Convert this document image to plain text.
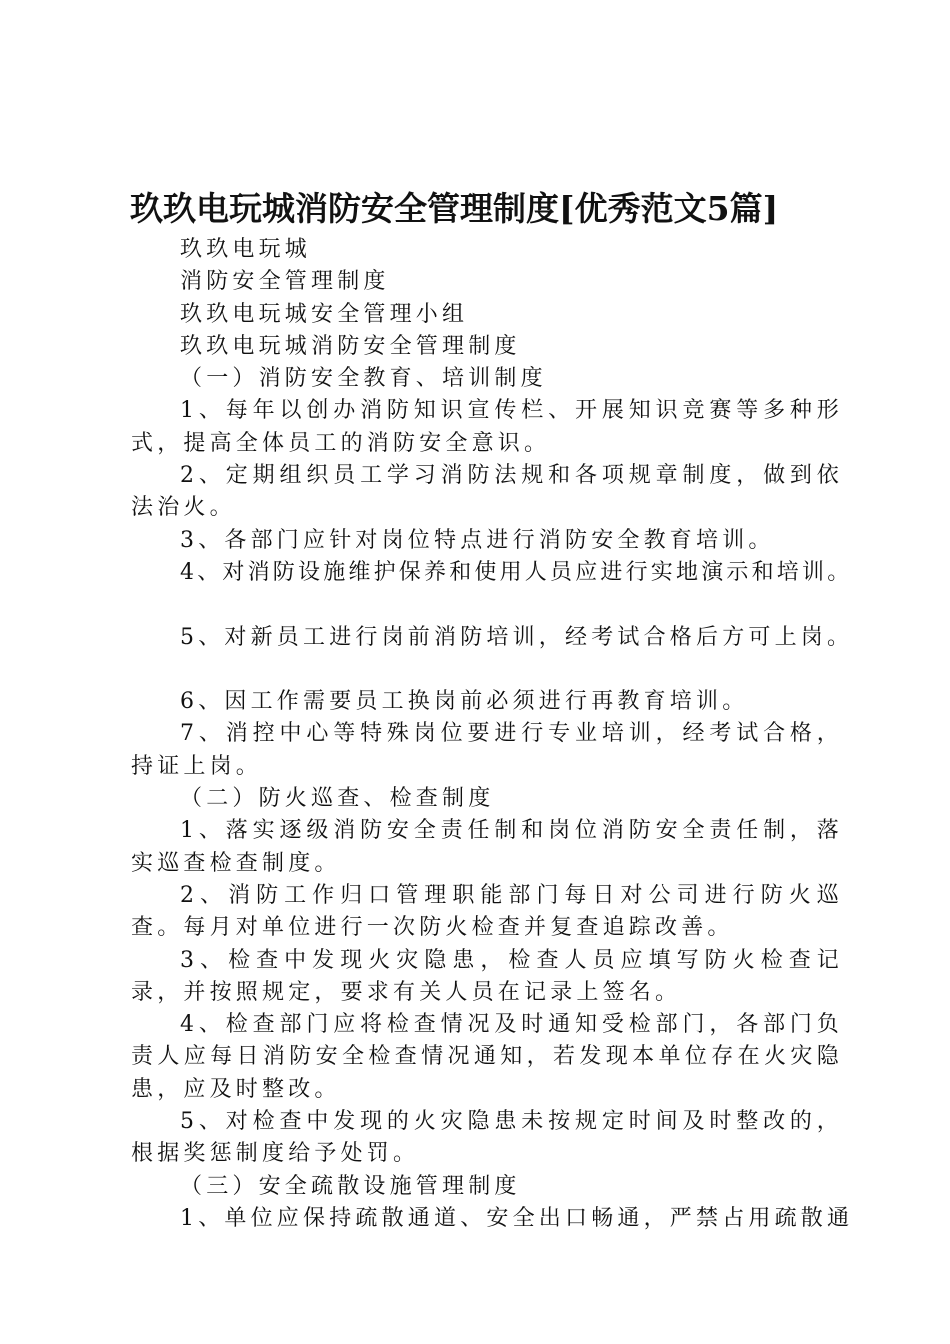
玖玖电玩城消防安全管理制度[优秀范文5篇]

玖玖电玩城

消防安全管理制度

玖玖电玩城安全管理小组

玖玖电玩城消防安全管理制度

（一）消防安全教育、培训制度

1、每年以创办消防知识宣传栏、开展知识竞赛等多种形式，提高全体员工的消防安全意识。

2、定期组织员工学习消防法规和各项规章制度，做到依法治火。

3、各部门应针对岗位特点进行消防安全教育培训。

4、对消防设施维护保养和使用人员应进行实地演示和培训。

5、对新员工进行岗前消防培训，经考试合格后方可上岗。

6、因工作需要员工换岗前必须进行再教育培训。

7、消控中心等特殊岗位要进行专业培训，经考试合格，持证上岗。

（二）防火巡查、检查制度

1、落实逐级消防安全责任制和岗位消防安全责任制，落实巡查检查制度。

2、消防工作归口管理职能部门每日对公司进行防火巡查。每月对单位进行一次防火检查并复查追踪改善。

3、检查中发现火灾隐患，检查人员应填写防火检查记录，并按照规定，要求有关人员在记录上签名。

4、检查部门应将检查情况及时通知受检部门，各部门负责人应每日消防安全检查情况通知，若发现本单位存在火灾隐患，应及时整改。

5、对检查中发现的火灾隐患未按规定时间及时整改的，根据奖惩制度给予处罚。

（三）安全疏散设施管理制度

1、单位应保持疏散通道、安全出口畅通，严禁占用疏散通
